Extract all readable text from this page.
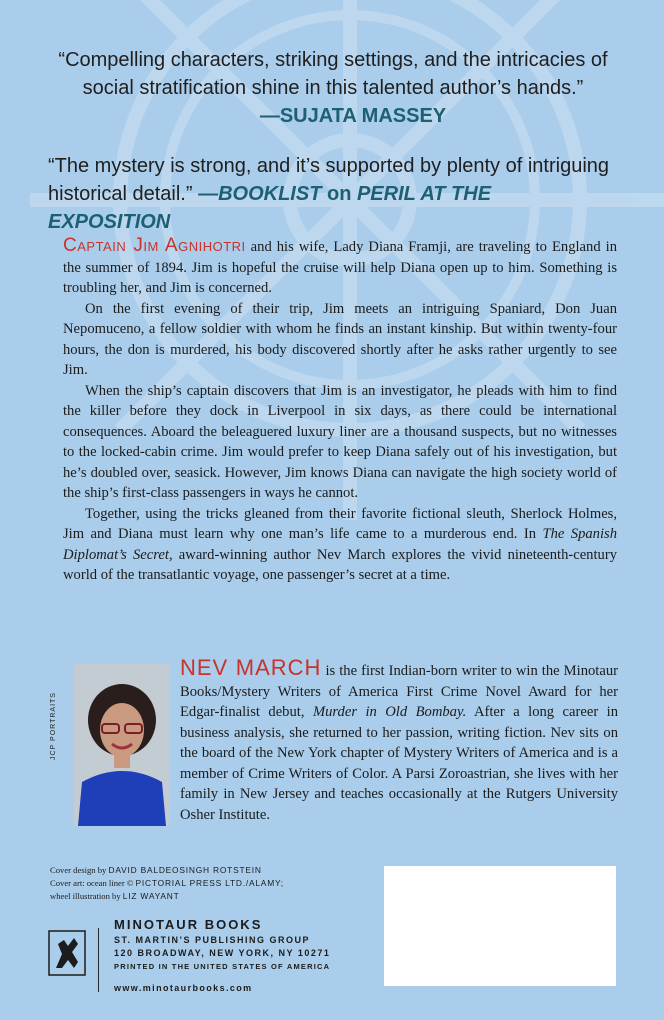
“Compelling characters, striking settings, and the intricacies of social stratification shine in this talented author’s hands.”
—SUJATA MASSEY
“The mystery is strong, and it’s supported by plenty of intriguing historical detail.” —BOOKLIST on PERIL AT THE EXPOSITION

Captain Jim Agnihotri and his wife, Lady Diana Framji, are traveling to England in the summer of 1894. Jim is hopeful the cruise will help Diana open up to him. Something is troubling her, and Jim is concerned.

On the first evening of their trip, Jim meets an intriguing Spaniard, Don Juan Nepomuceno, a fellow soldier with whom he finds an instant kinship. But within twenty-four hours, the don is murdered, his body discovered shortly after he asks rather urgently to see Jim.

When the ship’s captain discovers that Jim is an investigator, he pleads with him to find the killer before they dock in Liverpool in six days, as there could be international consequences. Aboard the beleaguered luxury liner are a thousand suspects, but no witnesses to the locked-cabin crime. Jim would prefer to keep Diana safely out of his investigation, but he’s doubled over, seasick. However, Jim knows Diana can navigate the high society world of the ship’s first-class passengers in ways he cannot.

Together, using the tricks gleaned from their favorite fictional sleuth, Sherlock Holmes, Jim and Diana must learn why one man’s life came to a murderous end. In The Spanish Diplomat’s Secret, award-winning author Nev March explores the vivid nineteenth-century world of the transatlantic voyage, one passenger’s secret at a time.

JCP PORTRAITS
NEV MARCH is the first Indian-born writer to win the Minotaur Books/Mystery Writers of America First Crime Novel Award for her Edgar-finalist debut, Murder in Old Bombay. After a long career in business analysis, she returned to her passion, writing fiction. Nev sits on the board of the New York chapter of Mystery Writers of America and is a member of Crime Writers of Color. A Parsi Zoroastrian, she lives with her family in New Jersey and teaches occasionally at the Rutgers University Osher Institute.
Cover design by DAVID BALDEOSINGH ROTSTEIN
Cover art: ocean liner © PICTORIAL PRESS LTD./ALAMY;
wheel illustration by LIZ WAYANT
MINOTAUR BOOKS
ST. MARTIN’S PUBLISHING GROUP
120 BROADWAY, NEW YORK, NY 10271
PRINTED IN THE UNITED STATES OF AMERICA
www.minotaurbooks.com
